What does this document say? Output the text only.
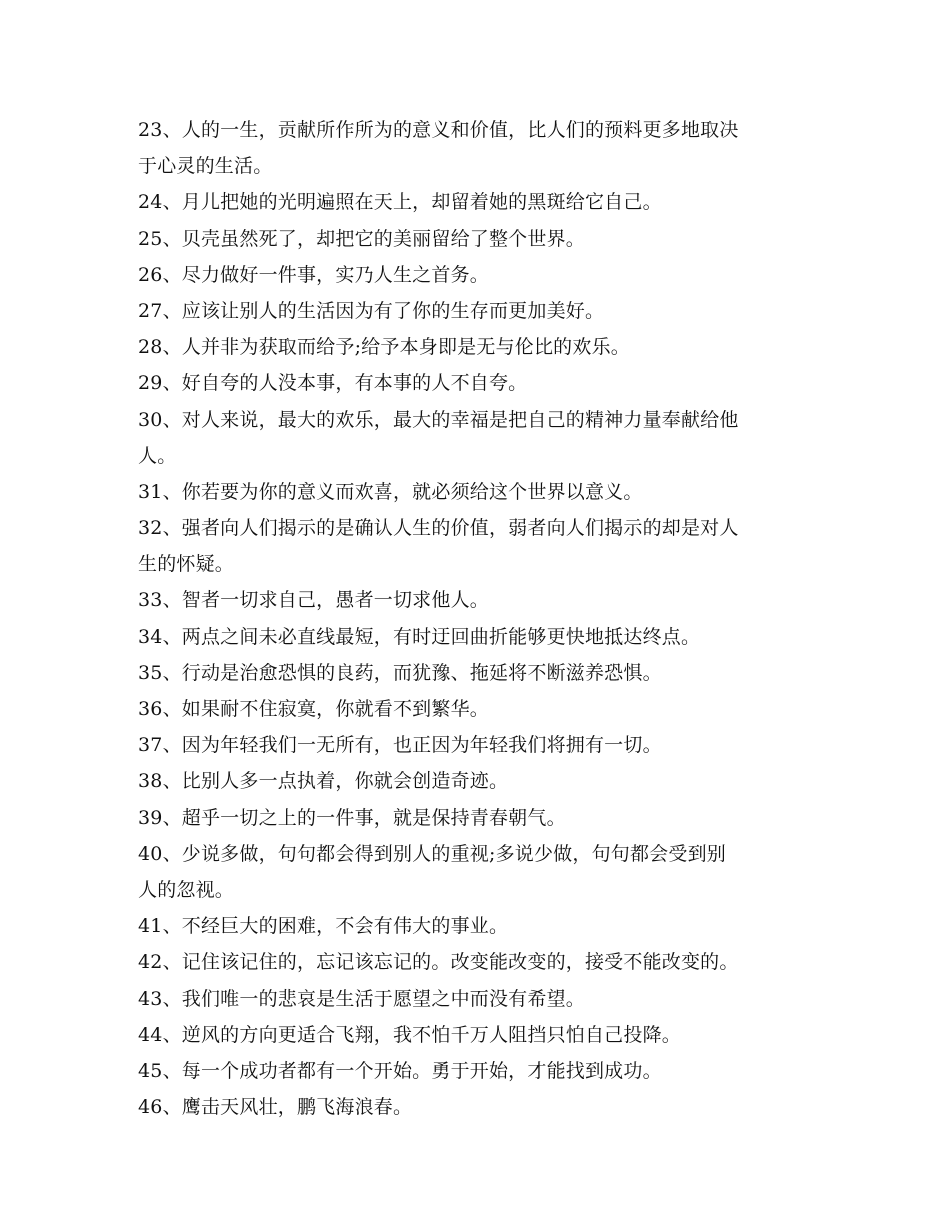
23、人的一生，贡献所作所为的意义和价值，比人们的预料更多地取决
于心灵的生活。
24、月儿把她的光明遍照在天上，却留着她的黑斑给它自己。
25、贝壳虽然死了，却把它的美丽留给了整个世界。
26、尽力做好一件事，实乃人生之首务。
27、应该让别人的生活因为有了你的生存而更加美好。
28、人并非为获取而给予;给予本身即是无与伦比的欢乐。
29、好自夸的人没本事，有本事的人不自夸。
30、对人来说，最大的欢乐，最大的幸福是把自己的精神力量奉献给他
人。
31、你若要为你的意义而欢喜，就必须给这个世界以意义。
32、强者向人们揭示的是确认人生的价值，弱者向人们揭示的却是对人
生的怀疑。
33、智者一切求自己，愚者一切求他人。
34、两点之间未必直线最短，有时迂回曲折能够更快地抵达终点。
35、行动是治愈恐惧的良药，而犹豫、拖延将不断滋养恐惧。
36、如果耐不住寂寞，你就看不到繁华。
37、因为年轻我们一无所有，也正因为年轻我们将拥有一切。
38、比别人多一点执着，你就会创造奇迹。
39、超乎一切之上的一件事，就是保持青春朝气。
40、少说多做，句句都会得到别人的重视;多说少做，句句都会受到别
人的忽视。
41、不经巨大的困难，不会有伟大的事业。
42、记住该记住的，忘记该忘记的。改变能改变的，接受不能改变的。
43、我们唯一的悲哀是生活于愿望之中而没有希望。
44、逆风的方向更适合飞翔，我不怕千万人阻挡只怕自己投降。
45、每一个成功者都有一个开始。勇于开始，才能找到成功。
46、鹰击天风壮，鹏飞海浪春。
